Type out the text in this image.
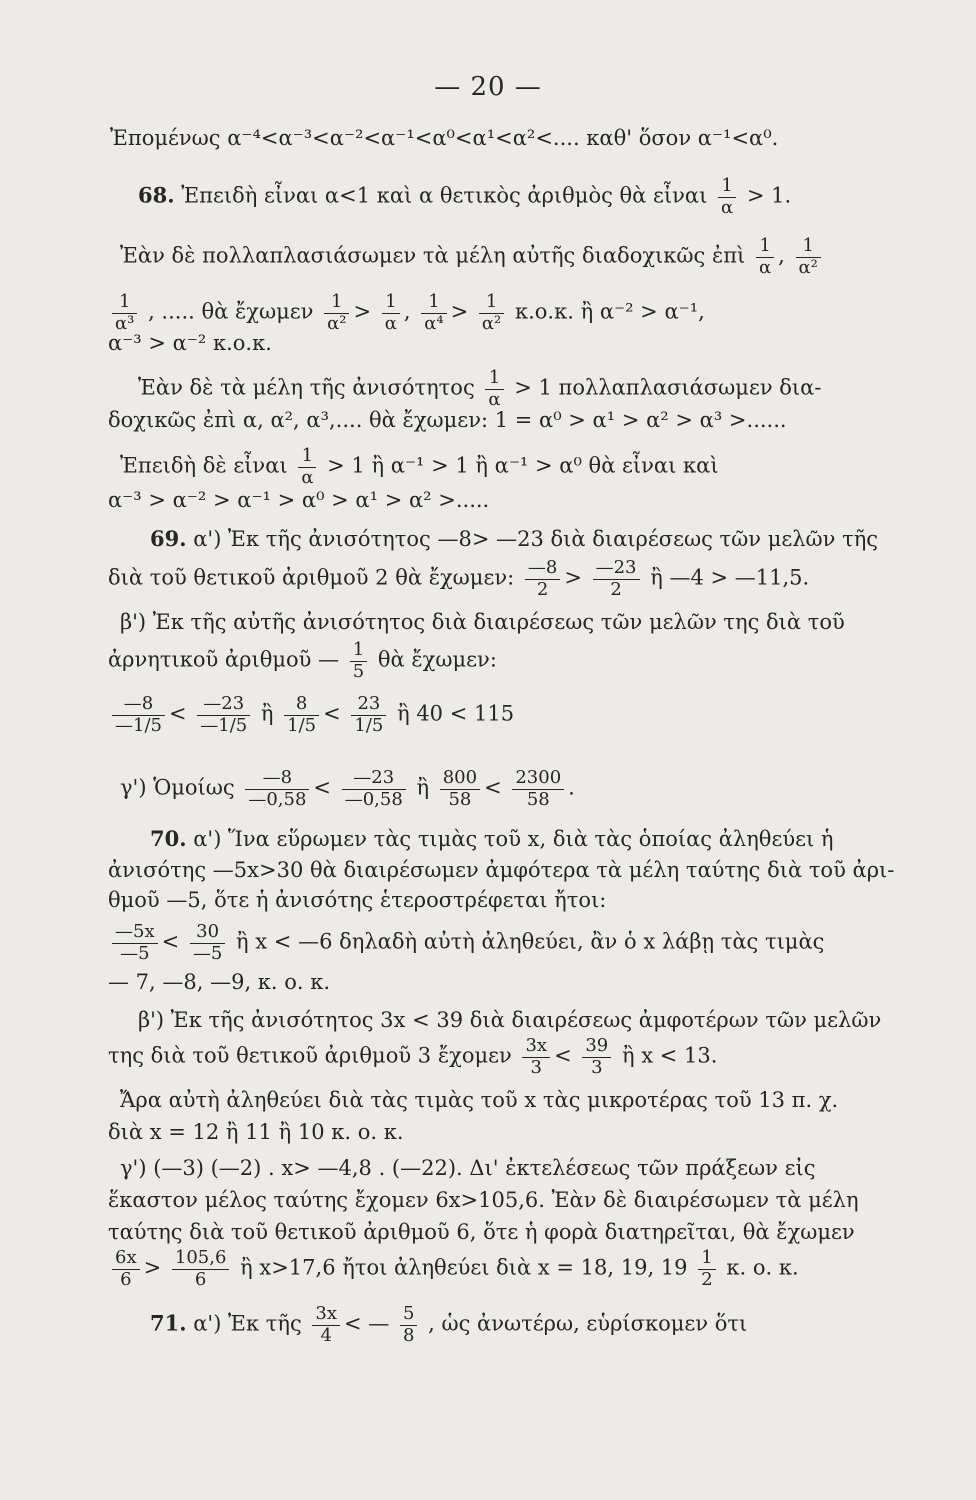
— 20 —
Ἐπομένως α⁻⁴<α⁻³<α⁻²<α⁻¹<α⁰<α¹<α²<.... καθ' ὅσον α⁻¹<α⁰.
68. Ἐπειδὴ εἶναι α<1 καὶ α θετικὸς ἀριθμὸς θὰ εἶναι $\frac{1}{\alpha} > 1$.
Ἐὰν δὲ πολλαπλασιάσωμεν τὰ μέλη αὐτῆς διαδοχικῶς ἐπὶ $\frac{1}{\alpha}$ , $\frac{1}{\text{α²}}$
$\frac{1}{\text{α³}}$ , ..... θὰ ἔχωμεν $\frac{1}{\text{α²}} > \frac{1}{\alpha}$ , $\frac{1}{\text{α⁴}} > \frac{1}{\text{α²}} \kappa.o.\kappa$. ἢ α⁻² > α⁻¹,
α⁻³ > α⁻² κ.ο.κ.
Ἐὰν δὲ τὰ μέλη τῆς ἀνισότητος $\frac{1}{\alpha} > 1$ πολλαπλασιάσωμεν δια-
δοχικῶς ἐπὶ α, α², α³,.... θὰ ἔχωμεν: 1 = α⁰ > α¹ > α² > α³ >......
Ἐπειδὴ δὲ εἶναι $\frac{1}{\alpha} > 1$ ἢ α⁻¹ > 1 ἢ α⁻¹ > α⁰ θὰ εἶναι καὶ
α⁻³ > α⁻² > α⁻¹ > α⁰ > α¹ > α² >.....
69. α') Ἐκ τῆς ἀνισότητος —8> —23 διὰ διαιρέσεως τῶν μελῶν τῆς
διὰ τοῦ θετικοῦ ἀριθμοῦ 2 θὰ ἔχωμεν: $\frac{—8}{2} > \frac{—23}{2}$ ἢ —4 > —11,5.
β') Ἐκ τῆς αὐτῆς ἀνισότητος διὰ διαιρέσεως τῶν μελῶν της διὰ τοῦ
ἀρνητικοῦ ἀριθμοῦ — $\frac{1}{5}$ θὰ ἔχωμεν:
$\frac{—8}{—1/5} < \frac{—23}{—1/5}$ ἢ $\frac{8}{1/5} < \frac{23}{1/5}$ ἢ 40 < 115
γ') Ὁμοίως $\frac{—8}{—0,58} < \frac{—23}{—0,58}$ ἢ $\frac{800}{58} < \frac{2300}{58}$ .
70. α') Ἵνα εὕρωμεν τὰς τιμὰς τοῦ x, διὰ τὰς ὁποίας ἀληθεύει ἡ
ἀνισότης —5x>30 θὰ διαιρέσωμεν ἀμφότερα τὰ μέλη ταύτης διὰ τοῦ ἀρι-
θμοῦ —5, ὅτε ἡ ἀνισότης ἑτεροστρέφεται ἤτοι:
$\frac{—5x}{—5} < \frac{30}{—5}$ ἢ x < —6 δηλαδὴ αὐτὴ ἀληθεύει, ἂν ὁ x λάβῃ τὰς τιμὰς
— 7, —8, —9, κ. ο. κ.
β') Ἐκ τῆς ἀνισότητος 3x < 39 διὰ διαιρέσεως ἀμφοτέρων τῶν μελῶν
της διὰ τοῦ θετικοῦ ἀριθμοῦ 3 ἔχομεν $\frac{3x}{3} < \frac{39}{3}$ ἢ x < 13.
Ἄρα αὐτὴ ἀληθεύει διὰ τὰς τιμὰς τοῦ x τὰς μικροτέρας τοῦ 13 π. χ.
διὰ x = 12 ἢ 11 ἢ 10 κ. ο. κ.
γ') (—3) (—2) . x> —4,8 . (—22). Δι' ἐκτελέσεως τῶν πράξεων εἰς
ἕκαστον μέλος ταύτης ἔχομεν 6x>105,6. Ἐὰν δὲ διαιρέσωμεν τὰ μέλη
ταύτης διὰ τοῦ θετικοῦ ἀριθμοῦ 6, ὅτε ἡ φορὰ διατηρεῖται, θὰ ἔχωμεν
$\frac{6x}{6} > \frac{105,6}{6}$ ἢ x>17,6 ἤτοι ἀληθεύει διὰ x = 18, 19, $19 \frac{1}{2} \kappa$. ο. κ.
71. α') Ἐκ τῆς $\frac{3x}{4}$ < — $\frac{5}{8}$ , ὡς ἀνωτέρω, εὑρίσκομεν ὅτι
